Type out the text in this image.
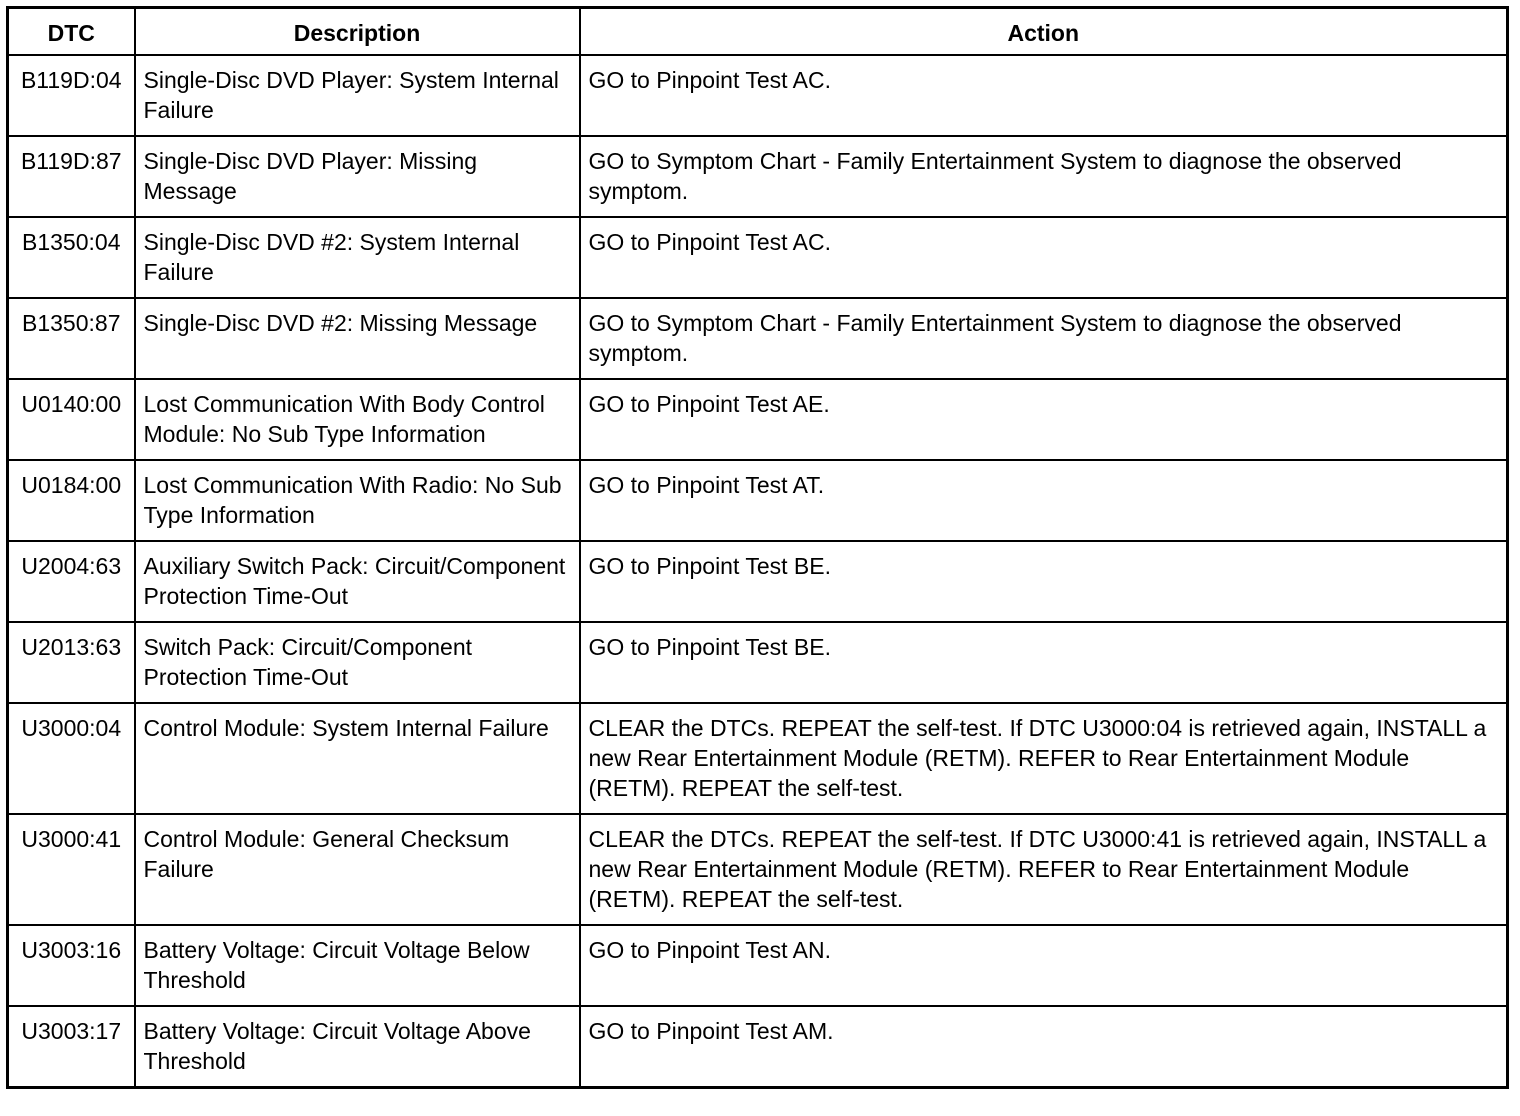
DTC	Description	Action
B119D:04	Single-Disc DVD Player: System Internal Failure	GO to Pinpoint Test AC.
B119D:87	Single-Disc DVD Player: Missing Message	GO to Symptom Chart - Family Entertainment System to diagnose the observed symptom.
B1350:04	Single-Disc DVD #2: System Internal Failure	GO to Pinpoint Test AC.
B1350:87	Single-Disc DVD #2: Missing Message	GO to Symptom Chart - Family Entertainment System to diagnose the observed symptom.
U0140:00	Lost Communication With Body Control Module: No Sub Type Information	GO to Pinpoint Test AE.
U0184:00	Lost Communication With Radio: No Sub Type Information	GO to Pinpoint Test AT.
U2004:63	Auxiliary Switch Pack: Circuit/Component Protection Time-Out	GO to Pinpoint Test BE.
U2013:63	Switch Pack: Circuit/Component Protection Time-Out	GO to Pinpoint Test BE.
U3000:04	Control Module: System Internal Failure	CLEAR the DTCs. REPEAT the self-test. If DTC U3000:04 is retrieved again, INSTALL a new Rear Entertainment Module (RETM). REFER to Rear Entertainment Module (RETM). REPEAT the self-test.
U3000:41	Control Module: General Checksum Failure	CLEAR the DTCs. REPEAT the self-test. If DTC U3000:41 is retrieved again, INSTALL a new Rear Entertainment Module (RETM). REFER to Rear Entertainment Module (RETM). REPEAT the self-test.
U3003:16	Battery Voltage: Circuit Voltage Below Threshold	GO to Pinpoint Test AN.
U3003:17	Battery Voltage: Circuit Voltage Above Threshold	GO to Pinpoint Test AM.
